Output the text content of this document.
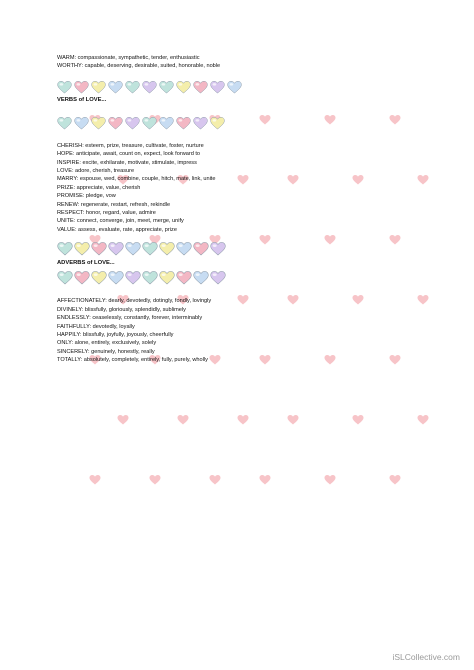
WARM: compassionate, sympathetic, tender, enthusiastic
WORTHY: capable, deserving, desirable, suited, honorable, noble
VERBS of LOVE...
CHERISH: esteem, prize, treasure, cultivate, foster, nurture
HOPE: anticipate, await, count on, expect, look forward to
INSPIRE: excite, exhilarate, motivate, stimulate, impress
LOVE: adore, cherish, treasure
MARRY: espouse, wed, combine, couple, hitch, mate, link, unite
PRIZE: appreciate, value, cherish
PROMISE: pledge, vow
RENEW: regenerate, restart, refresh, rekindle
RESPECT: honor, regard, value, admire
UNITE: connect, converge, join, meet, merge, unify
VALUE: assess, evaluate, rate, appreciate, prize
ADVERBS of LOVE...
AFFECTIONATELY: dearly, devotedly, dotingly, fondly, lovingly
DIVINELY: blissfully, gloriously, splendidly, sublimely
ENDLESSLY: ceaselessly, constantly, forever, interminably
FAITHFULLY: devotedly, loyally
HAPPILY: blissfully, joyfully, joyously, cheerfully
ONLY: alone, entirely, exclusively, solely
SINCERELY: genuinely, honestly, really
TOTALLY: absolutely, completely, entirely, fully, purely, wholly
iSLCollective.com
